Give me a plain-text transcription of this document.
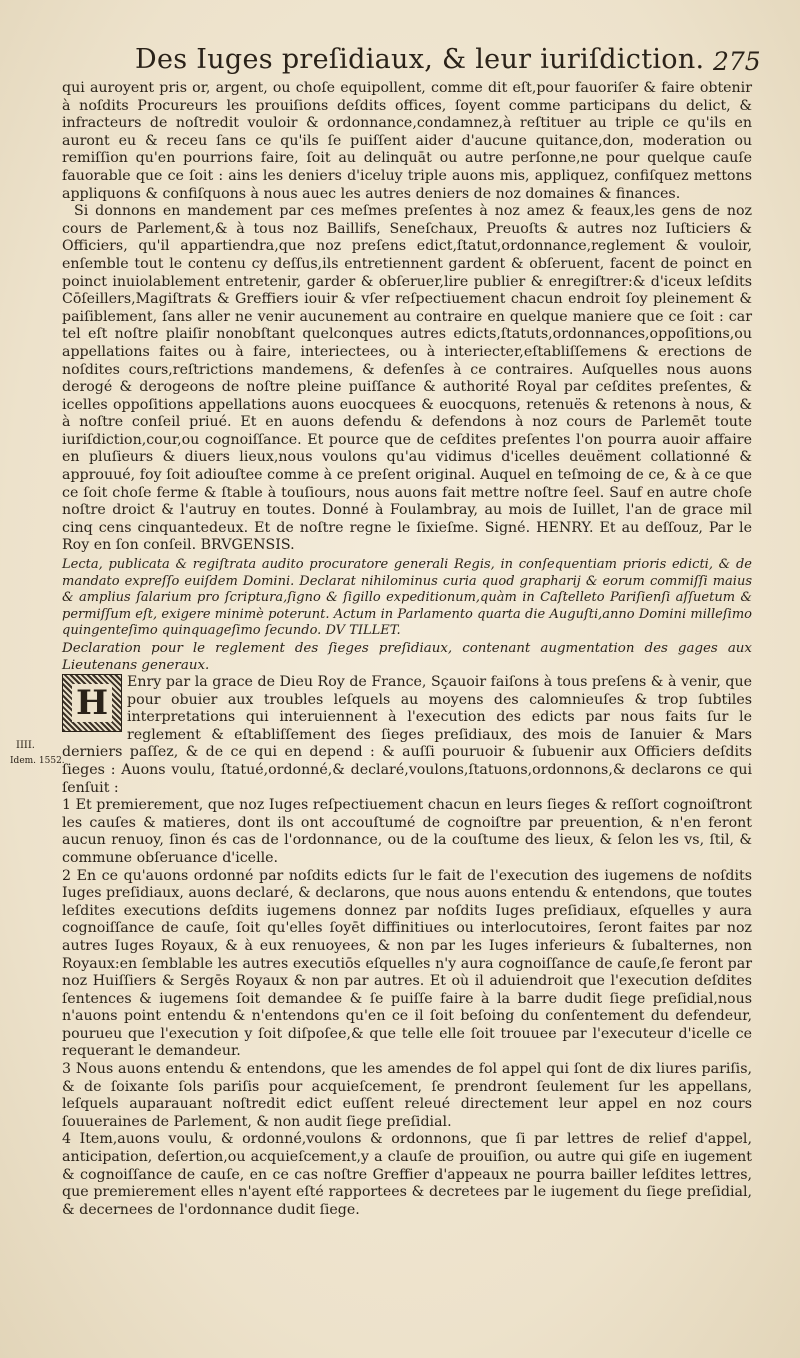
Des Iuges preſidiaux, & leur iuriſdiction. 275
IIII.
Idem. 1552.

qui auroyent pris or, argent, ou choſe equipollent, comme dit eſt,pour fauoriſer & faire obtenir à noſdits Procureurs les prouiſions deſdits offices, ſoyent comme participans du delict, & infracteurs de noſtredit vouloir & ordonnance,condamnez,à reſtituer au triple ce qu'ils en auront eu & receu ſans ce qu'ils ſe puiſſent aider d'aucune quitance,don, moderation ou remiſſion qu'en pourrions faire, ſoit au delinquāt ou autre perſonne,ne pour quelque cauſe fauorable que ce ſoit : ains les deniers d'iceluy triple auons mis, appliquez, confiſquez mettons appliquons & confiſquons à nous auec les autres deniers de noz domaines & finances.

Si donnons en mandement par ces meſmes preſentes à noz amez & feaux,les gens de noz cours de Parlement,& à tous noz Baillifs, Seneſchaux, Preuoſts & autres noz Iuſticiers & Officiers, qu'il appartiendra,que noz preſens edict,ſtatut,ordonnance,reglement & vouloir, enſemble tout le contenu cy deſſus,ils entretiennent gardent & obſeruent, facent de poinct en poinct inuiolablement entretenir, garder & obſeruer,lire publier & enregiſtrer:& d'iceux leſdits Cōſeillers,Magiſtrats & Greffiers iouir & vſer reſpectiuement chacun endroit ſoy pleinement & paiſiblement, ſans aller ne venir aucunement au contraire en quelque maniere que ce ſoit : car tel eſt noſtre plaiſir nonobſtant quelconques autres edicts,ſtatuts,ordonnances,oppoſitions,ou appellations faites ou à faire, interiectees, ou à interiecter,eſtabliſſemens & erections de noſdites cours,reſtrictions mandemens, & defenſes à ce contraires. Auſquelles nous auons derogé & derogeons de noſtre pleine puiſſance & authorité Royal par ceſdites preſentes, & icelles oppoſitions appellations auons euocquees & euocquons, retenuës & retenons à nous, & à noſtre conſeil priué. Et en auons defendu & defendons à noz cours de Parlemēt toute iuriſdiction,cour,ou cognoiſſance. Et pource que de ceſdites preſentes l'on pourra auoir affaire en pluſieurs & diuers lieux,nous voulons qu'au vidimus d'icelles deuëment collationné & approuué, foy ſoit adiouſtee comme à ce preſent original. Auquel en teſmoing de ce, & à ce que ce ſoit choſe ferme & ſtable à touſiours, nous auons fait mettre noſtre ſeel. Sauf en autre choſe noſtre droict & l'autruy en toutes. Donné à Foulambray, au mois de Iuillet, l'an de grace mil cinq cens cinquantedeux. Et de noſtre regne le ſixieſme. Signé. HENRY. Et au deſſouz, Par le Roy en ſon conſeil. BRVGENSIS.

Lecta, publicata & regiſtrata audito procuratore generali Regis, in conſequentiam prioris edicti, & de mandato expreſſo euiſdem Domini. Declarat nihilominus curia quod grapharij & eorum commiſſi maius & amplius ſalarium pro ſcriptura,ſigno & ſigillo expeditionum,quàm in Caſtelleto Pariſienſi aſſuetum & permiſſum eſt, exigere minimè poterunt. Actum in Parlamento quarta die Auguſti,anno Domini milleſimo quingenteſimo quinquageſimo ſecundo. DV TILLET.

Declaration pour le reglement des ſieges preſidiaux, contenant augmentation des gages aux Lieutenans generaux.

H
Enry par la grace de Dieu Roy de France, Sçauoir faiſons à tous preſens & à venir, que pour obuier aux troubles leſquels au moyens des calomnieuſes & trop ſubtiles interpretations qui interuiennent à l'execution des edicts par nous faits ſur le reglement & eſtabliſſement des ſieges preſidiaux, des mois de Ianuier & Mars derniers paſſez, & de ce qui en depend : & auſſi pouruoir & ſubuenir aux Officiers deſdits ſieges : Auons voulu, ſtatué,ordonné,& declaré,voulons,ſtatuons,ordonnons,& declarons ce qui ſenſuit :

1 Et premierement, que noz Iuges reſpectiuement chacun en leurs ſieges & reſſort cognoiſtront les cauſes & matieres, dont ils ont accouſtumé de cognoiſtre par preuention, & n'en feront aucun renuoy, ſinon és cas de l'ordonnance, ou de la couſtume des lieux, & ſelon les vs, ſtil, & commune obſeruance d'icelle.

2 En ce qu'auons ordonné par noſdits edicts ſur le fait de l'execution des iugemens de noſdits Iuges preſidiaux, auons declaré, & declarons, que nous auons entendu & entendons, que toutes leſdites executions deſdits iugemens donnez par noſdits Iuges preſidiaux, eſquelles y aura cognoiſſance de cauſe, ſoit qu'elles ſoyēt diffinitiues ou interlocutoires, ſeront faites par noz autres Iuges Royaux, & à eux renuoyees, & non par les Iuges inferieurs & ſubalternes, non Royaux:en ſemblable les autres executiōs eſquelles n'y aura cognoiſſance de cauſe,ſe feront par noz Huiſſiers & Sergēs Royaux & non par autres. Et où il aduiendroit que l'execution deſdites ſentences & iugemens ſoit demandee & ſe puiſſe faire à la barre dudit ſiege preſidial,nous n'auons point entendu & n'entendons qu'en ce il ſoit beſoing du conſentement du defendeur, pourueu que l'execution y ſoit diſpoſee,& que telle elle ſoit trouuee par l'executeur d'icelle ce requerant le demandeur.

3 Nous auons entendu & entendons, que les amendes de fol appel qui ſont de dix liures pariſis, & de ſoixante ſols pariſis pour acquieſcement, ſe prendront ſeulement ſur les appellans, leſquels auparauant noſtredit edict euſſent releué directement leur appel en noz cours ſouueraines de Parlement, & non audit ſiege preſidial.

4 Item,auons voulu, & ordonné,voulons & ordonnons, que ſi par lettres de relief d'appel, anticipation, deſertion,ou acquieſcement,y a clauſe de prouiſion, ou autre qui giſe en iugement & cognoiſſance de cauſe, en ce cas noſtre Greffier d'appeaux ne pourra bailler leſdites lettres, que premierement elles n'ayent eſté rapportees & decretees par le iugement du ſiege preſidial, & decernees de l'ordonnance dudit ſiege.
